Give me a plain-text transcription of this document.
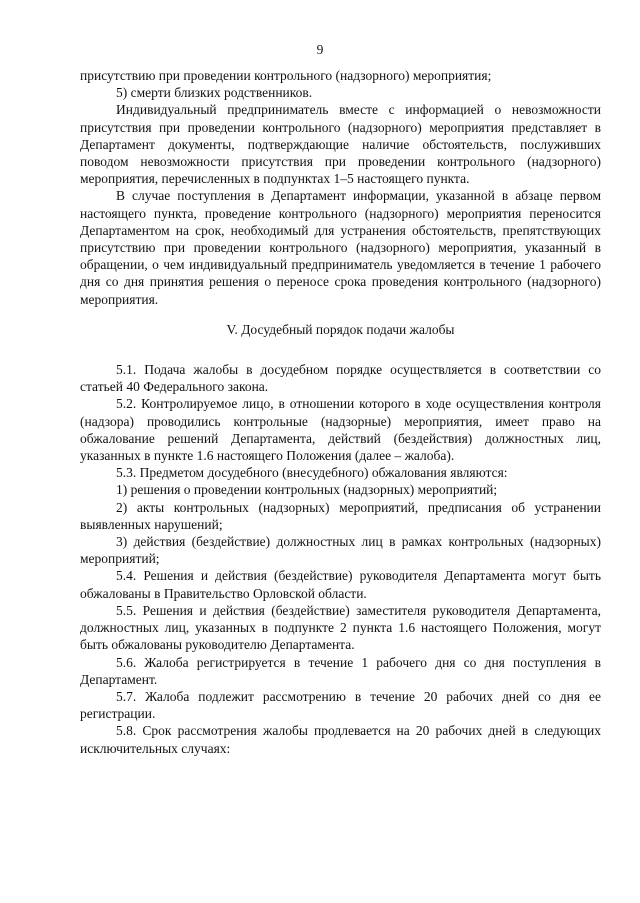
9

присутствию при проведении контрольного (надзорного) мероприятия;

5) смерти близких родственников.

Индивидуальный предприниматель вместе с информацией о невозможности присутствия при проведении контрольного (надзорного) мероприятия представляет в Департамент документы, подтверждающие наличие обстоятельств, послуживших поводом невозможности присутствия при проведении контрольного (надзорного) мероприятия, перечисленных в подпунктах 1–5 настоящего пункта.

В случае поступления в Департамент информации, указанной в абзаце первом настоящего пункта, проведение контрольного (надзорного) мероприятия переносится Департаментом на срок, необходимый для устранения обстоятельств, препятствующих присутствию при проведении контрольного (надзорного) мероприятия, указанный в обращении, о чем индивидуальный предприниматель уведомляется в течение 1 рабочего дня со дня принятия решения о переносе срока проведения контрольного (надзорного) мероприятия.

V. Досудебный порядок подачи жалобы

5.1. Подача жалобы в досудебном порядке осуществляется в соответствии со статьей 40 Федерального закона.

5.2. Контролируемое лицо, в отношении которого в ходе осуществления контроля (надзора) проводились контрольные (надзорные) мероприятия, имеет право на обжалование решений Департамента, действий (бездействия) должностных лиц, указанных в пункте 1.6 настоящего Положения (далее – жалоба).

5.3. Предметом досудебного (внесудебного) обжалования являются:

1) решения о проведении контрольных (надзорных) мероприятий;

2) акты контрольных (надзорных) мероприятий, предписания об устранении выявленных нарушений;

3) действия (бездействие) должностных лиц в рамках контрольных (надзорных) мероприятий;

5.4. Решения и действия (бездействие) руководителя Департамента могут быть обжалованы в Правительство Орловской области.

5.5. Решения и действия (бездействие) заместителя руководителя Департамента, должностных лиц, указанных в подпункте 2 пункта 1.6 настоящего Положения, могут быть обжалованы руководителю Департамента.

5.6. Жалоба регистрируется в течение 1 рабочего дня со дня поступления в Департамент.

5.7. Жалоба подлежит рассмотрению в течение 20 рабочих дней со дня ее регистрации.

5.8. Срок рассмотрения жалобы продлевается на 20 рабочих дней в следующих исключительных случаях:
